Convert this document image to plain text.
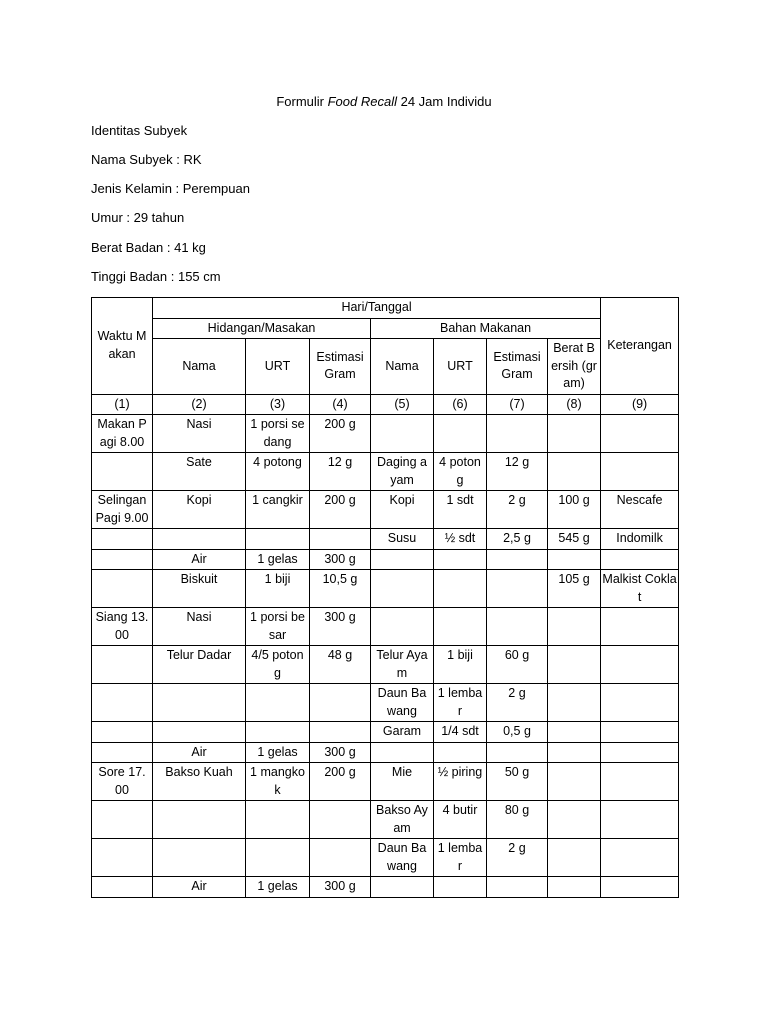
Formulir Food Recall 24 Jam Individu
Identitas Subyek
Nama Subyek : RK
Jenis Kelamin : Perempuan
Umur : 29 tahun
Berat Badan : 41 kg
Tinggi Badan : 155 cm
Waktu Makan	Hari/Tanggal							Keterangan
	Hidangan/Masakan			Bahan Makanan				
	Nama	URT	Estimasi Gram	Nama	URT	Estimasi Gram	Berat Bersih (gram)	
(1)	(2)	(3)	(4)	(5)	(6)	(7)	(8)	(9)
Makan Pagi 8.00	Nasi	1 porsi sedang	200 g					
	Sate	4 potong	12 g	Daging ayam	4 potong	12 g		
Selingan Pagi 9.00	Kopi	1 cangkir	200 g	Kopi	1 sdt	2 g	100 g	Nescafe
				Susu	½ sdt	2,5 g	545 g	Indomilk
	Air	1 gelas	300 g					
	Biskuit	1 biji	10,5 g				105 g	Malkist Coklat
Siang 13.00	Nasi	1 porsi besar	300 g					
	Telur Dadar	4/5 potong	48 g	Telur Ayam	1 biji	60 g		
				Daun Bawang	1 lembar	2 g		
				Garam	1/4 sdt	0,5 g		
	Air	1 gelas	300 g					
Sore 17.00	Bakso Kuah	1 mangkok	200 g	Mie	½ piring	50 g		
				Bakso Ayam	4 butir	80 g		
				Daun Bawang	1 lembar	2 g		
	Air	1 gelas	300 g					
